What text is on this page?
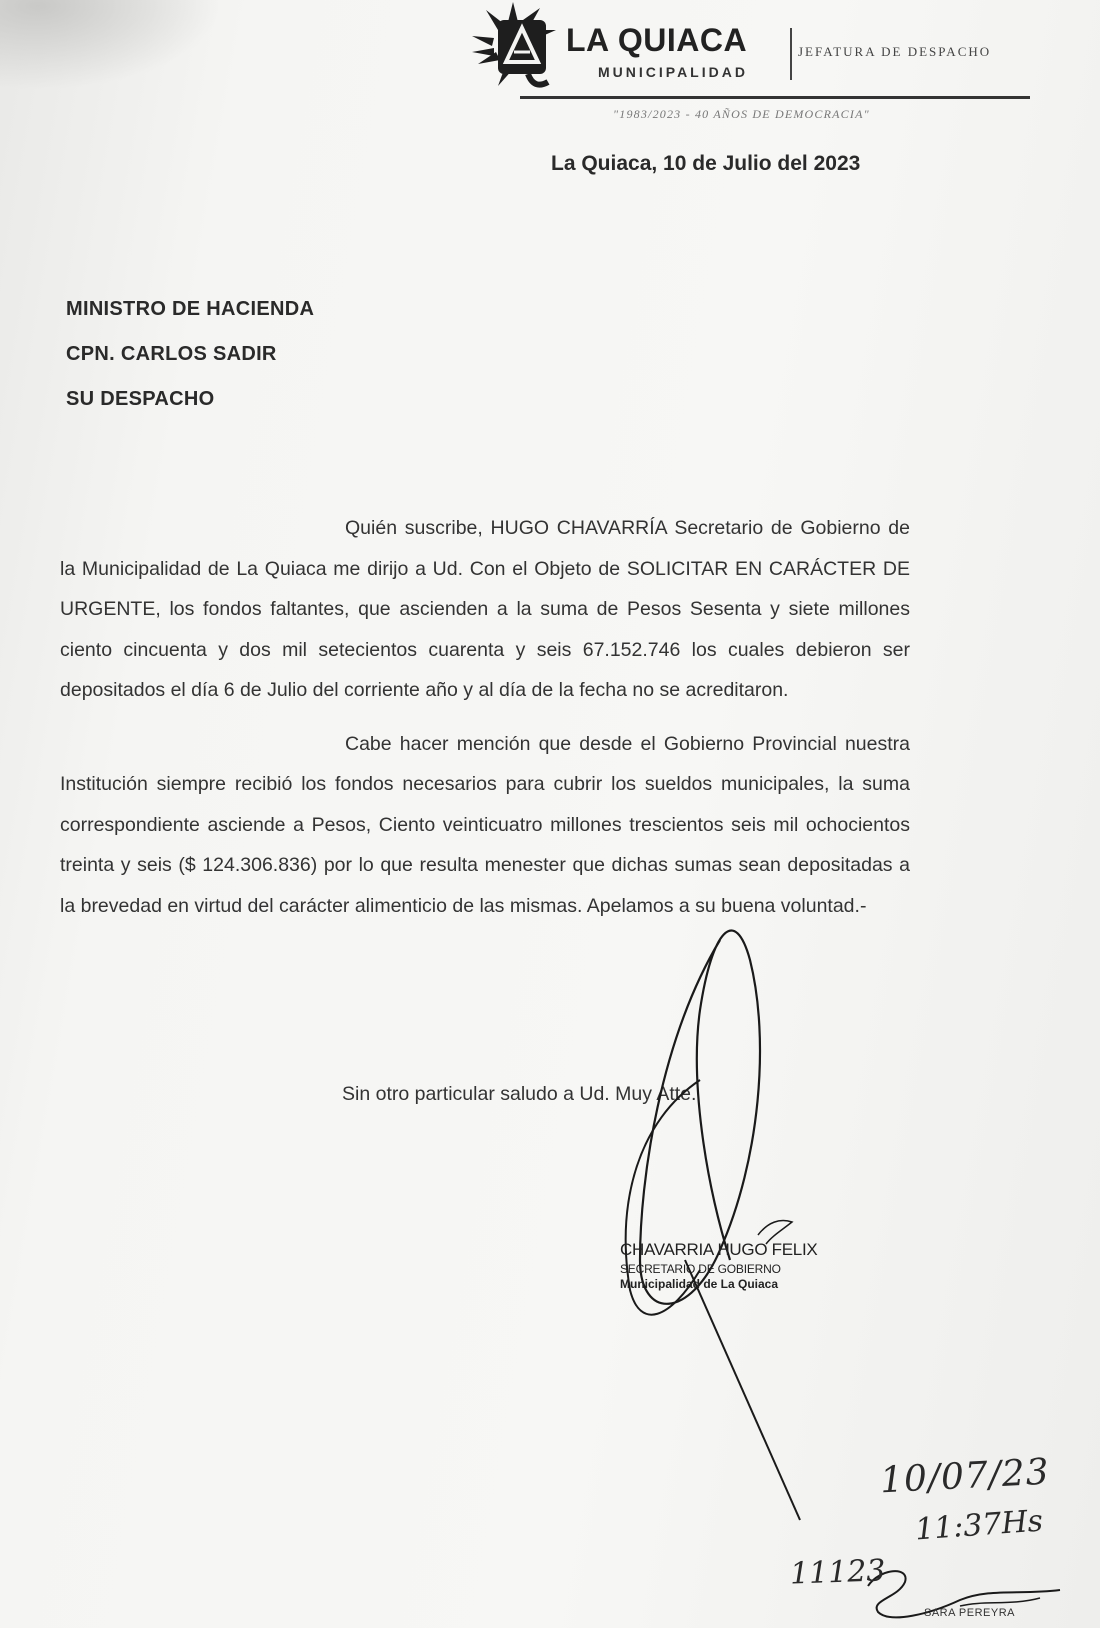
LA QUIACA
MUNICIPALIDAD
JEFATURA DE DESPACHO
"1983/2023 - 40 AÑOS DE DEMOCRACIA"
La Quiaca, 10 de Julio del 2023
MINISTRO DE HACIENDA
CPN. CARLOS SADIR
SU DESPACHO

Quién suscribe, HUGO CHAVARRÍA Secretario de Gobierno de la Municipalidad de La Quiaca me dirijo a Ud. Con el Objeto de SOLICITAR EN CARÁCTER DE URGENTE, los fondos faltantes, que ascienden a la suma de Pesos Sesenta y siete millones ciento cincuenta y dos mil setecientos cuarenta y seis 67.152.746 los cuales debieron ser depositados el día 6 de Julio del corriente año y al día de la fecha no se acreditaron.

Cabe hacer mención que desde el Gobierno Provincial nuestra Institución siempre recibió los fondos necesarios para cubrir los sueldos municipales, la suma correspondiente asciende a Pesos, Ciento veinticuatro millones trescientos seis mil ochocientos treinta y seis ($ 124.306.836) por lo que resulta menester que dichas sumas sean depositadas a la brevedad en virtud del carácter alimenticio de las mismas. Apelamos a su buena voluntad.-

Sin otro particular saludo a Ud. Muy Atte.
CHAVARRIA HUGO FELIX
SECRETARIO DE GOBIERNO
Municipalidad de La Quiaca
10/07/23
11:37Hs
11123
SARA PEREYRA
